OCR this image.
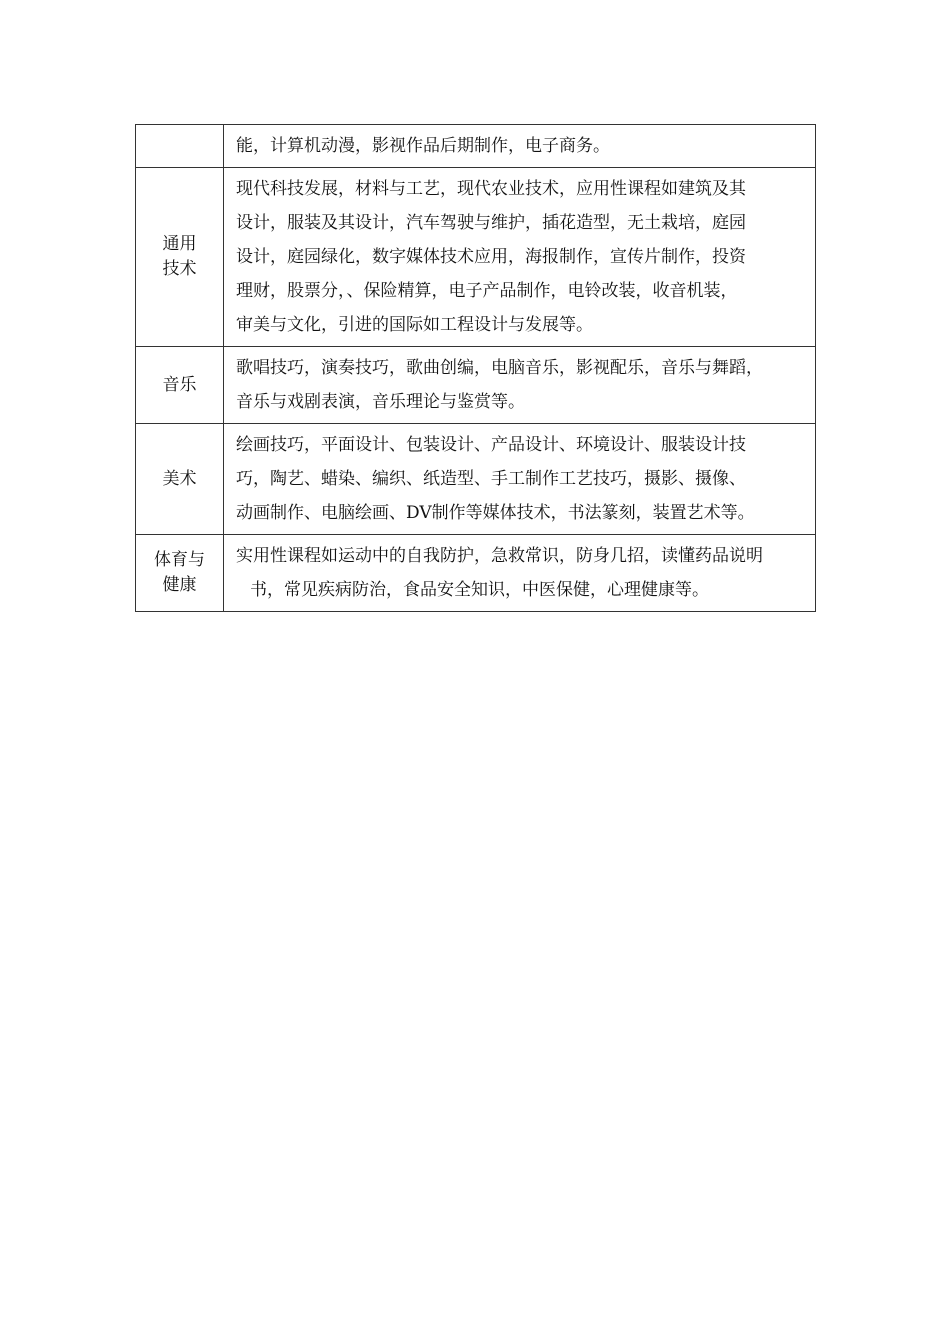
	能，计算机动漫，影视作品后期制作，电子商务。

通用
技术	现代科技发展，材料与工艺，现代农业技术，应用性课程如建筑及其
设计，服装及其设计，汽车驾驶与维护，插花造型，无土栽培，庭园
设计，庭园绿化，数字媒体技术应用，海报制作，宣传片制作，投资
理财，股票分，、保险精算，电子产品制作，电铃改装，收音机装，
审美与文化，引进的国际如工程设计与发展等。

音乐	歌唱技巧，演奏技巧，歌曲创编，电脑音乐，影视配乐，音乐与舞蹈，
音乐与戏剧表演，音乐理论与鉴赏等。

美术	绘画技巧，平面设计、包装设计、产品设计、环境设计、服装设计技
巧，陶艺、蜡染、编织、纸造型、手工制作工艺技巧，摄影、摄像、
动画制作、电脑绘画、DV制作等媒体技术，书法篆刻，装置艺术等。

体育与
健康	实用性课程如运动中的自我防护，急救常识，防身几招，读懂药品说明
书，常见疾病防治，食品安全知识，中医保健，心理健康等。
